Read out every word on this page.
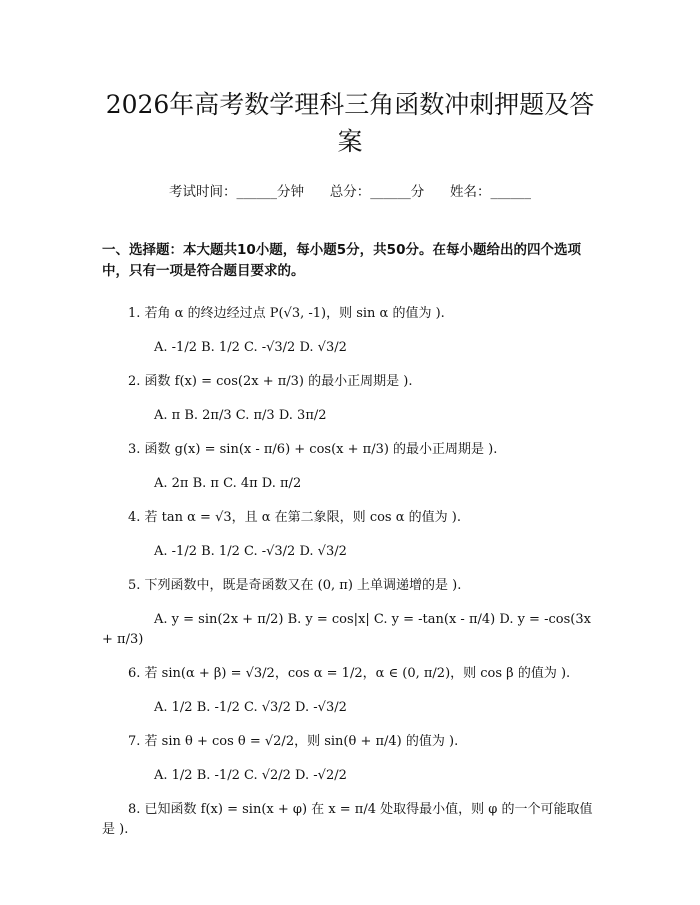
2026年高考数学理科三角函数冲刺押题及答案
考试时间：______分钟      总分：______分      姓名：______
一、选择题：本大题共10小题，每小题5分，共50分。在每小题给出的四个选项中，只有一项是符合题目要求的。
1. 若角 α 的终边经过点 P(√3, -1)，则 sin α 的值为 ).
A. -1/2 B. 1/2 C. -√3/2 D. √3/2
2. 函数 f(x) = cos(2x + π/3) 的最小正周期是 ).
A. π B. 2π/3 C. π/3 D. 3π/2
3. 函数 g(x) = sin(x - π/6) + cos(x + π/3) 的最小正周期是 ).
A. 2π B. π C. 4π D. π/2
4. 若 tan α = √3，且 α 在第二象限，则 cos α 的值为 ).
A. -1/2 B. 1/2 C. -√3/2 D. √3/2
5. 下列函数中，既是奇函数又在 (0, π) 上单调递增的是 ).
A. y = sin(2x + π/2) B. y = cos|x| C. y = -tan(x - π/4) D. y = -cos(3x + π/3)
6. 若 sin(α + β) = √3/2，cos α = 1/2，α ∈ (0, π/2)，则 cos β 的值为 ).
A. 1/2 B. -1/2 C. √3/2 D. -√3/2
7. 若 sin θ + cos θ = √2/2，则 sin(θ + π/4) 的值为 ).
A. 1/2 B. -1/2 C. √2/2 D. -√2/2
8. 已知函数 f(x) = sin(x + φ) 在 x = π/4 处取得最小值，则 φ 的一个可能取值是 ).
